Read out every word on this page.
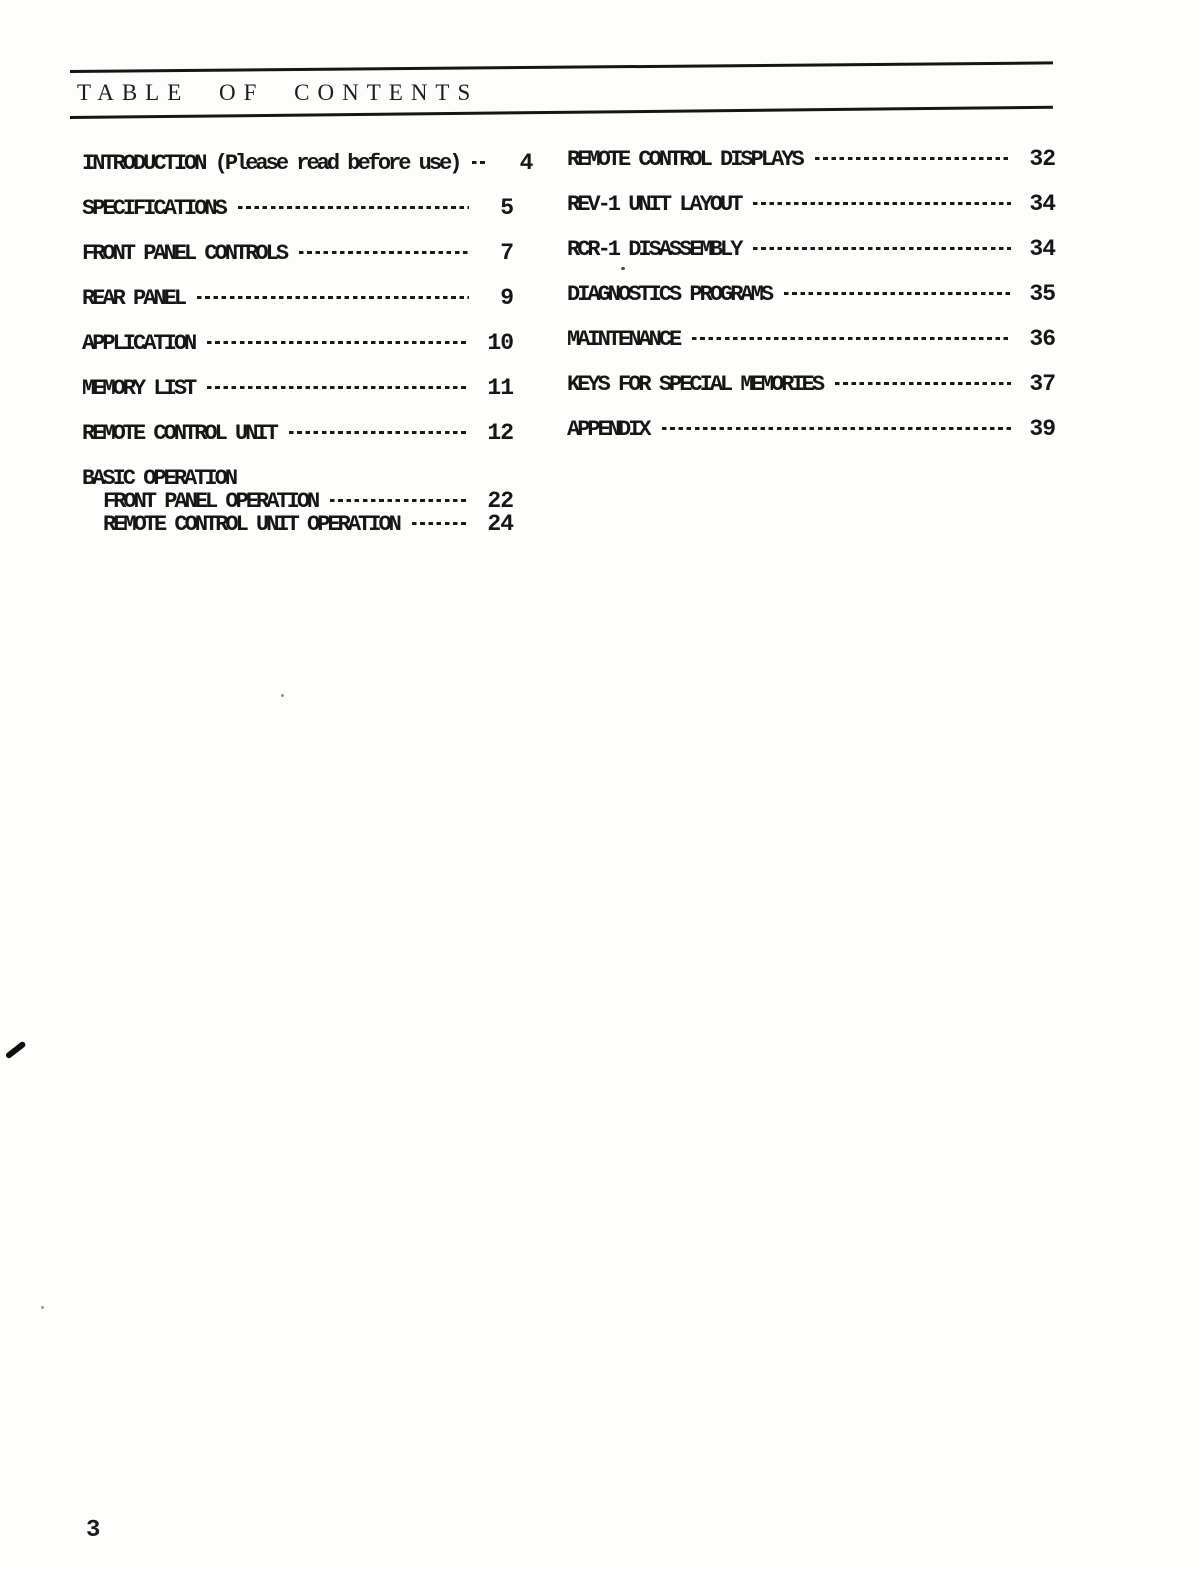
TABLE OF CONTENTS
INTRODUCTION (Please read before use)	4
SPECIFICATIONS	5
FRONT PANEL CONTROLS	7
REAR PANEL	9
APPLICATION	10
MEMORY LIST	11
REMOTE CONTROL UNIT	12
BASIC OPERATION
FRONT PANEL OPERATION	22
REMOTE CONTROL UNIT OPERATION	24
REMOTE CONTROL DISPLAYS	32
REV-1 UNIT LAYOUT	34
RCR-1 DISASSEMBLY	34
DIAGNOSTICS PROGRAMS	35
MAINTENANCE	36
KEYS FOR SPECIAL MEMORIES	37
APPENDIX	39
3
